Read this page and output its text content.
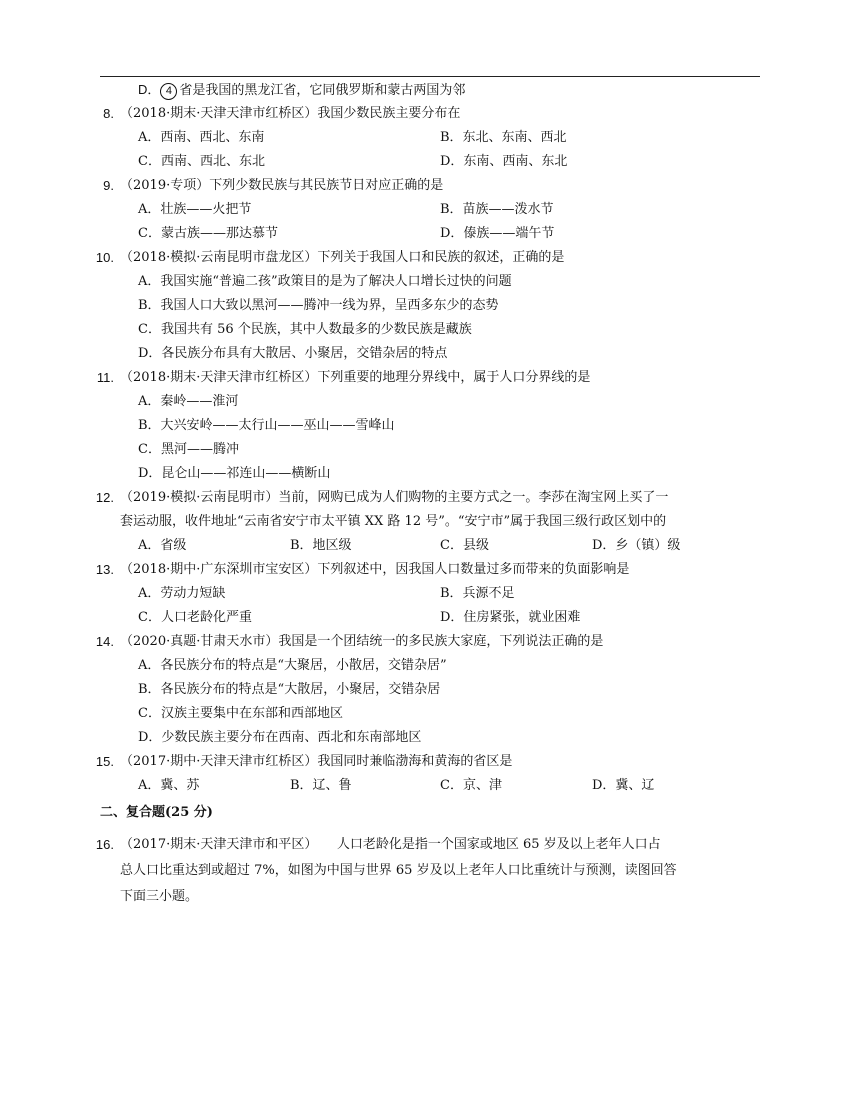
D． 4 省是我国的黑龙江省，它同俄罗斯和蒙古两国为邻
8. （2018·期末·天津天津市红桥区）我国少数民族主要分布在
A．西南、西北、东南	B．东北、东南、西北
C．西南、西北、东北	D．东南、西南、东北
9. （2019·专项）下列少数民族与其民族节日对应正确的是
A．壮族——火把节	B．苗族——泼水节
C．蒙古族——那达慕节	D．傣族——端午节
10. （2018·模拟·云南昆明市盘龙区）下列关于我国人口和民族的叙述，正确的是
A．我国实施“普遍二孩”政策目的是为了解决人口增长过快的问题
B．我国人口大致以黑河——腾冲一线为界，呈西多东少的态势
C．我国共有 56 个民族，其中人数最多的少数民族是藏族
D．各民族分布具有大散居、小聚居，交错杂居的特点
11. （2018·期末·天津天津市红桥区）下列重要的地理分界线中，属于人口分界线的是
A．秦岭——淮河
B．大兴安岭——太行山——巫山——雪峰山
C．黑河——腾冲
D．昆仑山——祁连山——横断山
12. （2019·模拟·云南昆明市）当前，网购已成为人们购物的主要方式之一。李莎在淘宝网上买了一
套运动服，收件地址“云南省安宁市太平镇 XX 路 12 号”。“安宁市”属于我国三级行政区划中的
A．省级	B．地区级	C．县级	D．乡（镇）级
13. （2018·期中·广东深圳市宝安区）下列叙述中，因我国人口数量过多而带来的负面影响是
A．劳动力短缺	B．兵源不足
C．人口老龄化严重	D．住房紧张，就业困难
14. （2020·真题·甘肃天水市）我国是一个团结统一的多民族大家庭，下列说法正确的是
A．各民族分布的特点是“大聚居，小散居，交错杂居”
B．各民族分布的特点是“大散居，小聚居，交错杂居
C．汉族主要集中在东部和西部地区
D．少数民族主要分布在西南、西北和东南部地区
15. （2017·期中·天津天津市红桥区）我国同时兼临渤海和黄海的省区是
A．冀、苏	B．辽、鲁	C．京、津	D．冀、辽
二、复合题(25 分)
16. （2017·期末·天津天津市和平区）　　人口老龄化是指一个国家或地区 65 岁及以上老年人口占
总人口比重达到或超过 7%，如图为中国与世界 65 岁及以上老年人口比重统计与预测，读图回答
下面三小题。
